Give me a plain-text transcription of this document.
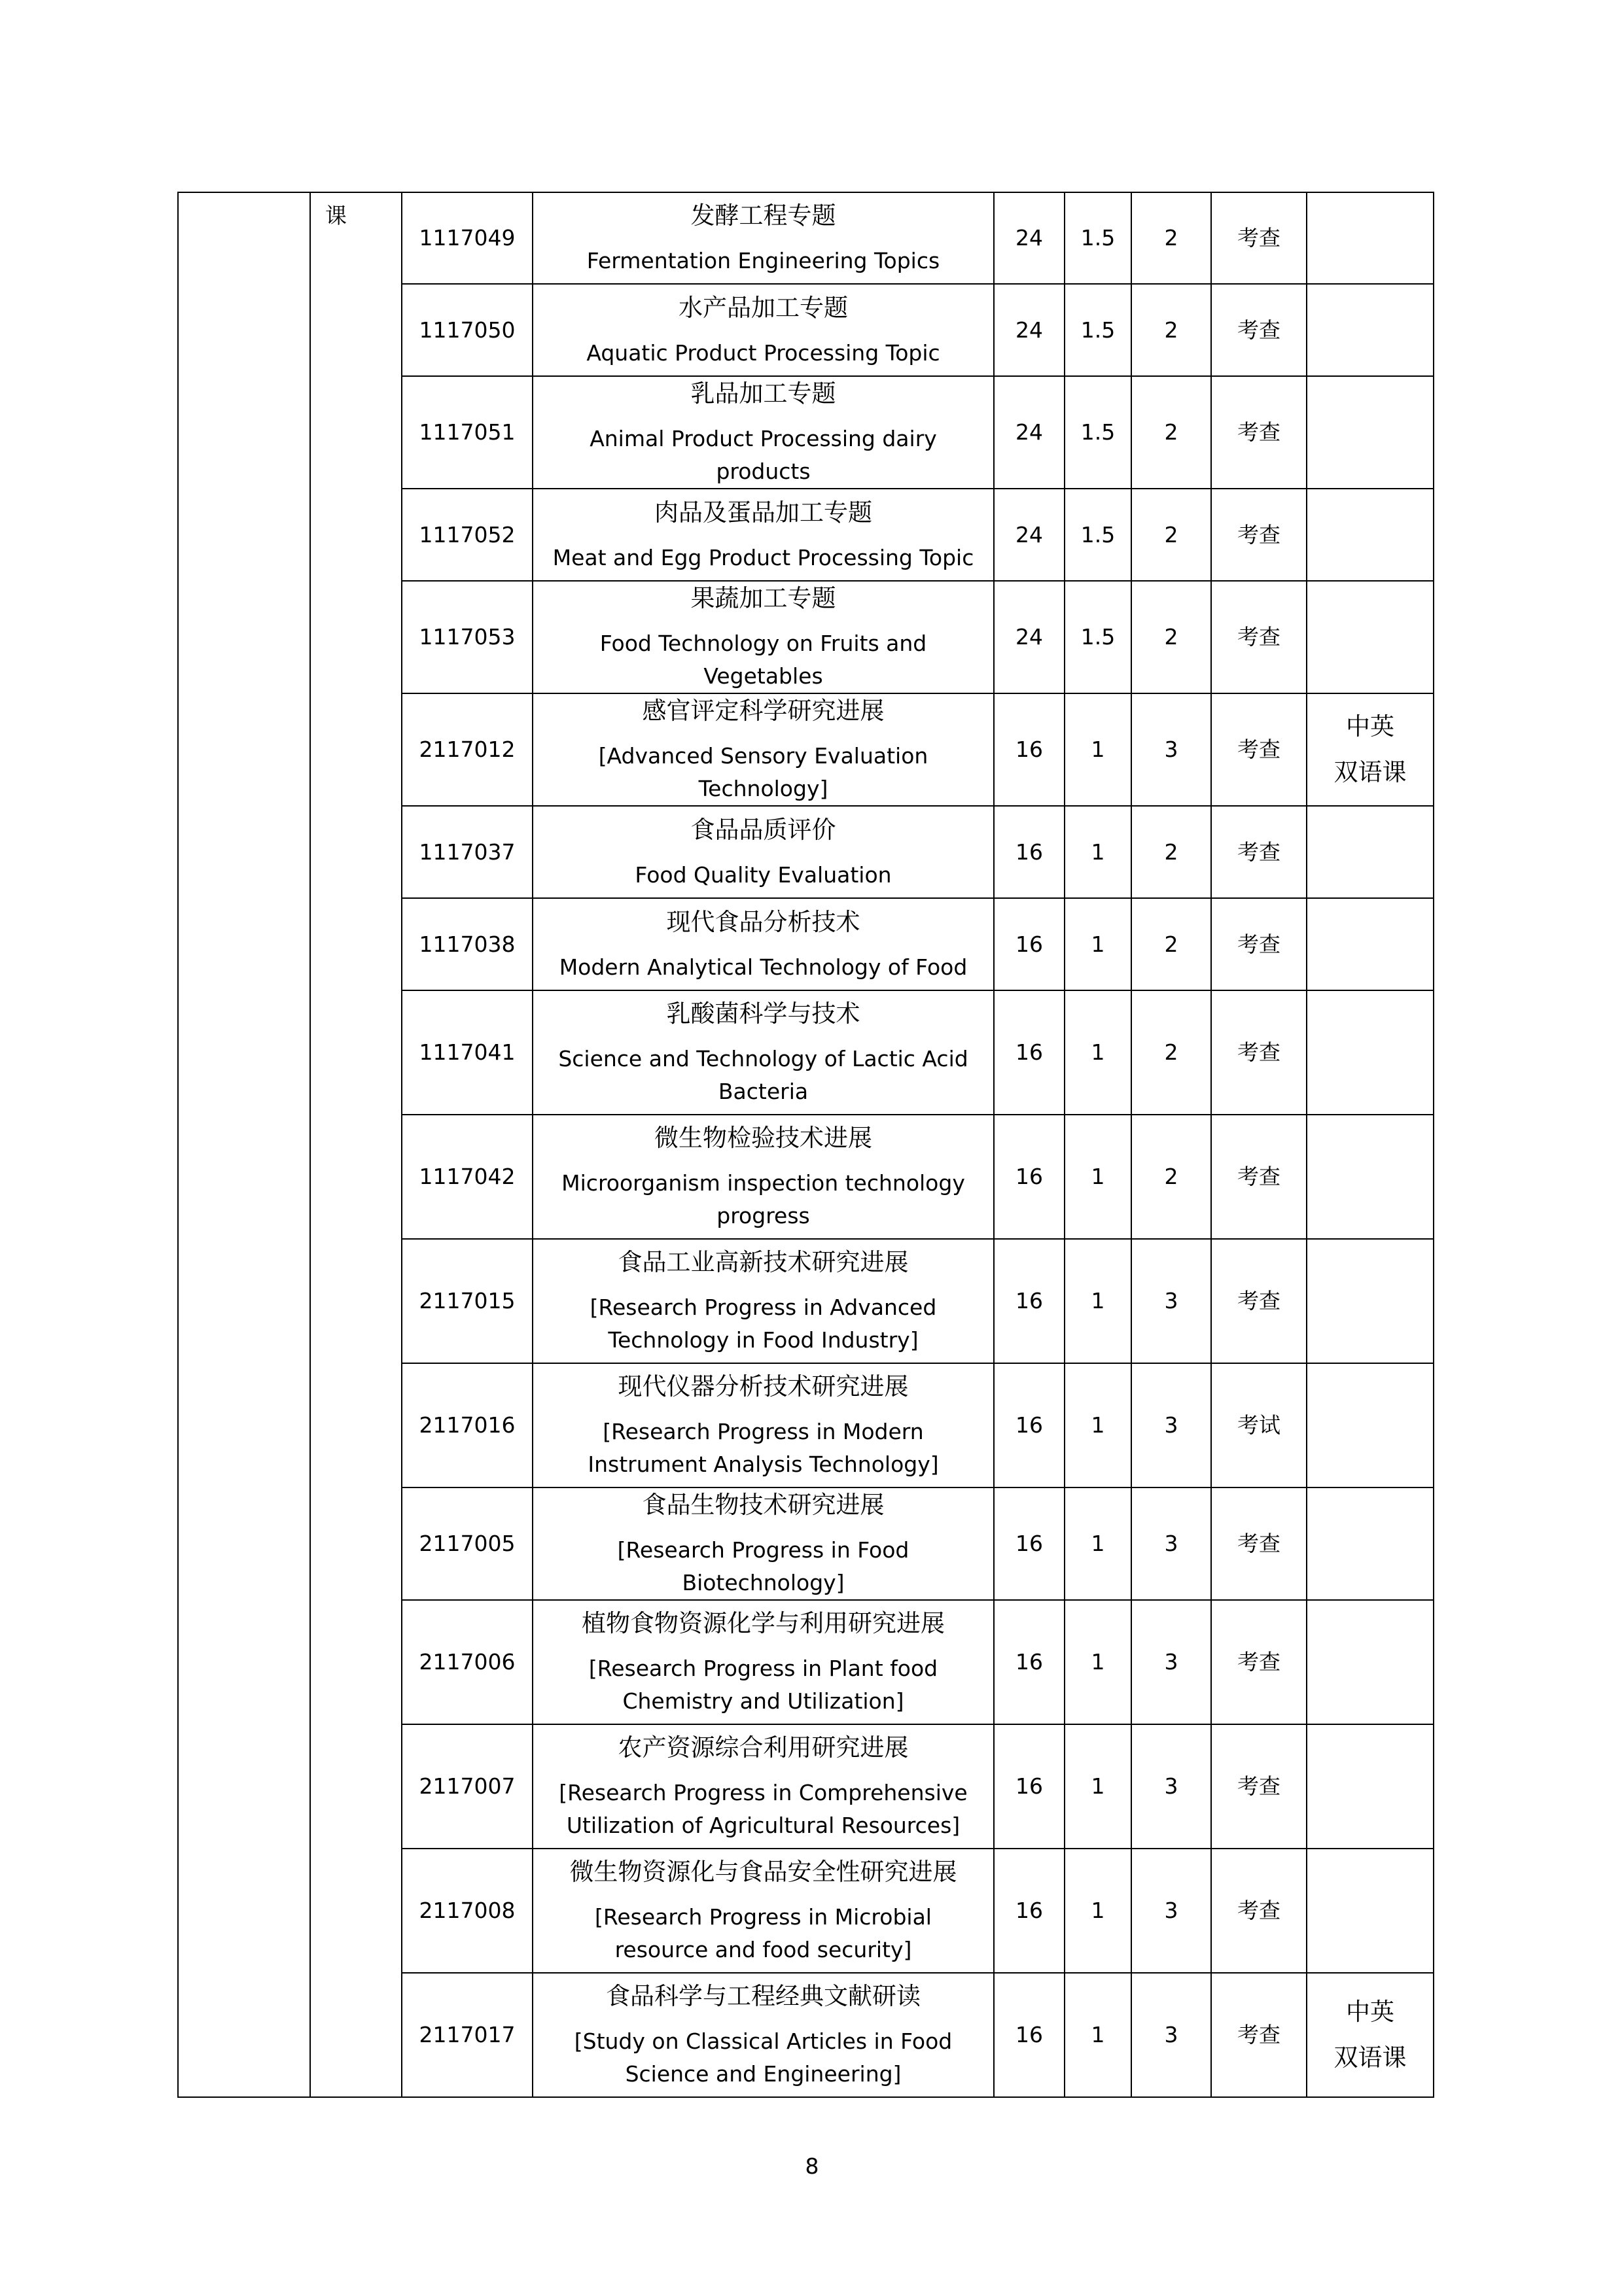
	课	1117049	发酵工程专题
Fermentation Engineering Topics	24	1.5	2	考查	

		1117050	水产品加工专题
Aquatic Product Processing Topic	24	1.5	2	考查	

		1117051	乳品加工专题
Animal Product Processing dairy products	24	1.5	2	考查	

		1117052	肉品及蛋品加工专题
Meat and Egg Product Processing Topic	24	1.5	2	考查	

		1117053	果蔬加工专题
Food Technology on Fruits and Vegetables	24	1.5	2	考查	

		2117012	感官评定科学研究进展
[Advanced Sensory Evaluation Technology]	16	1	3	考查	中英
双语课

		1117037	食品品质评价
Food Quality Evaluation	16	1	2	考查	

		1117038	现代食品分析技术
Modern Analytical Technology of Food	16	1	2	考查	

		1117041	乳酸菌科学与技术
Science and Technology of Lactic Acid Bacteria	16	1	2	考查	

		1117042	微生物检验技术进展
Microorganism inspection technology progress	16	1	2	考查	

		2117015	食品工业高新技术研究进展
[Research Progress in Advanced Technology in Food Industry]	16	1	3	考查	

		2117016	现代仪器分析技术研究进展
[Research Progress in Modern Instrument Analysis Technology]	16	1	3	考试	

		2117005	食品生物技术研究进展
[Research Progress in Food Biotechnology]	16	1	3	考查	

		2117006	植物食物资源化学与利用研究进展
[Research Progress in Plant food Chemistry and Utilization]	16	1	3	考查	

		2117007	农产资源综合利用研究进展
[Research Progress in Comprehensive Utilization of Agricultural Resources]	16	1	3	考查	

		2117008	微生物资源化与食品安全性研究进展
[Research Progress in Microbial resource and food security]	16	1	3	考查	

		2117017	食品科学与工程经典文献研读
[Study on Classical Articles in Food Science and Engineering]	16	1	3	考查	中英
双语课
8
